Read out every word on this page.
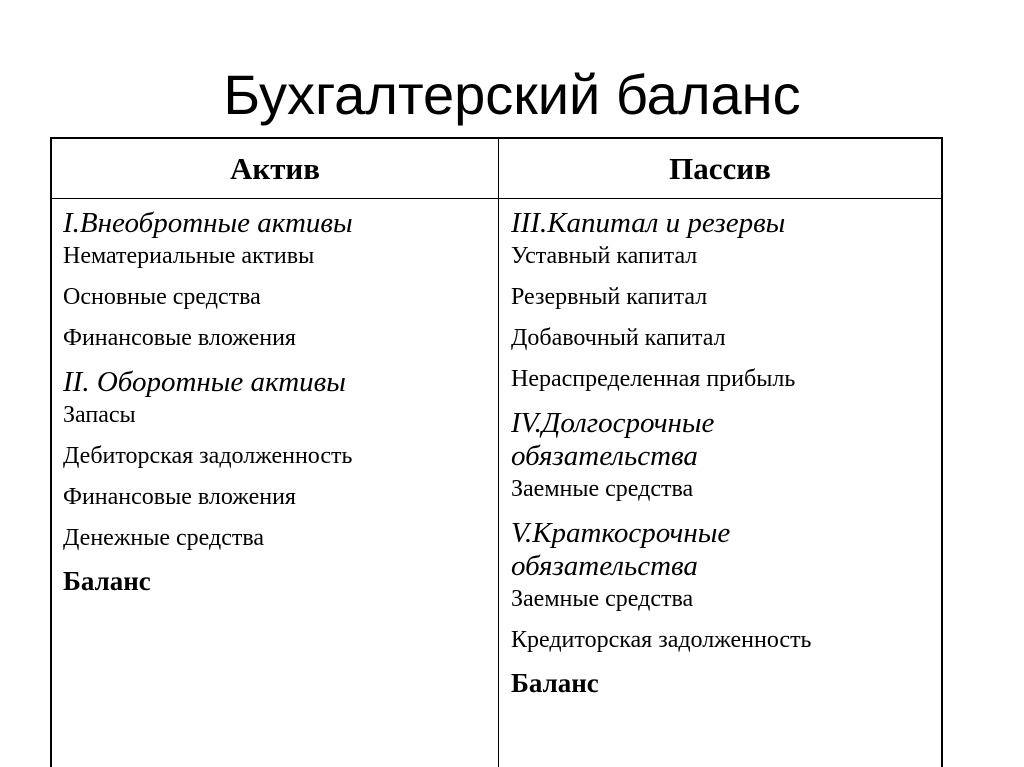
Бухгалтерский баланс
Актив	Пассив
I.Внеобротные активы
Нематериальные активы
Основные средства
Финансовые вложения
II. Оборотные активы
Запасы
Дебиторская задолженность
Финансовые вложения
Денежные средства
Баланс
III.Капитал и резервы
Уставный капитал
Резервный капитал
Добавочный капитал
Нераспределенная прибыль
IV.Долгосрочные обязательства
Заемные средства
V.Краткосрочные обязательства
Заемные средства
Кредиторская задолженность
Баланс
